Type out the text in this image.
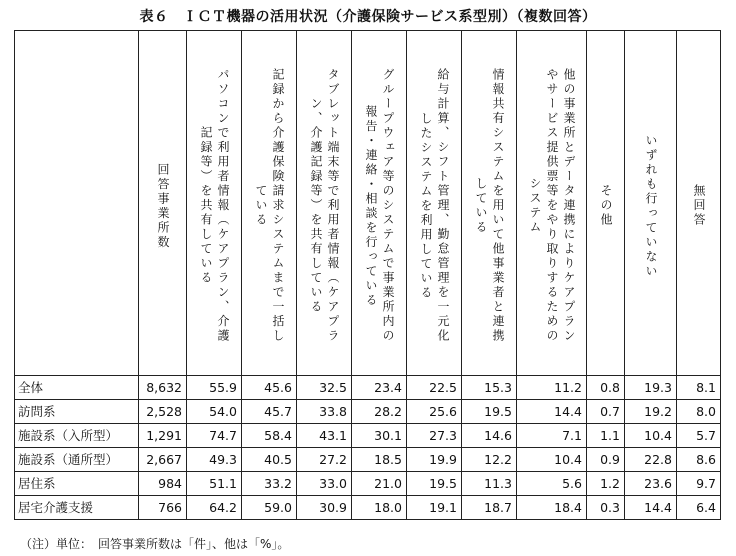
表６　ＩＣＴ機器の活用状況（介護保険サービス系型別）（複数回答）

	回答事業所数	パソコンで利用者情報（ケアプラン、介護
記録等）を共有している	記録から介護保険請求システムまで一括し
ている	タブレット端末等で利用者情報（ケアプラ
ン、介護記録等）を共有している	グループウェア等のシステムで事業所内の
報告・連絡・相談を行っている	給与計算、シフト管理、勤怠管理を一元化
したシステムを利用している	情報共有システムを用いて他事業者と連携
している	他の事業所とデータ連携によりケアプラン
やサービス提供票等をやり取りするための
システム	その他	いずれも行っていない	無回答

全体	8,632	55.9	45.6	32.5	23.4	22.5	15.3	11.2	0.8	19.3	8.1
訪問系	2,528	54.0	45.7	33.8	28.2	25.6	19.5	14.4	0.7	19.2	8.0
施設系（入所型）	1,291	74.7	58.4	43.1	30.1	27.3	14.6	7.1	1.1	10.4	5.7
施設系（通所型）	2,667	49.3	40.5	27.2	18.5	19.9	12.2	10.4	0.9	22.8	8.6
居住系	984	51.1	33.2	33.0	21.0	19.5	11.3	5.6	1.2	23.6	9.7
居宅介護支援	766	64.2	59.0	30.9	18.0	19.1	18.7	18.4	0.3	14.4	6.4
（注）単位：　回答事業所数は「件」、他は「%」。
